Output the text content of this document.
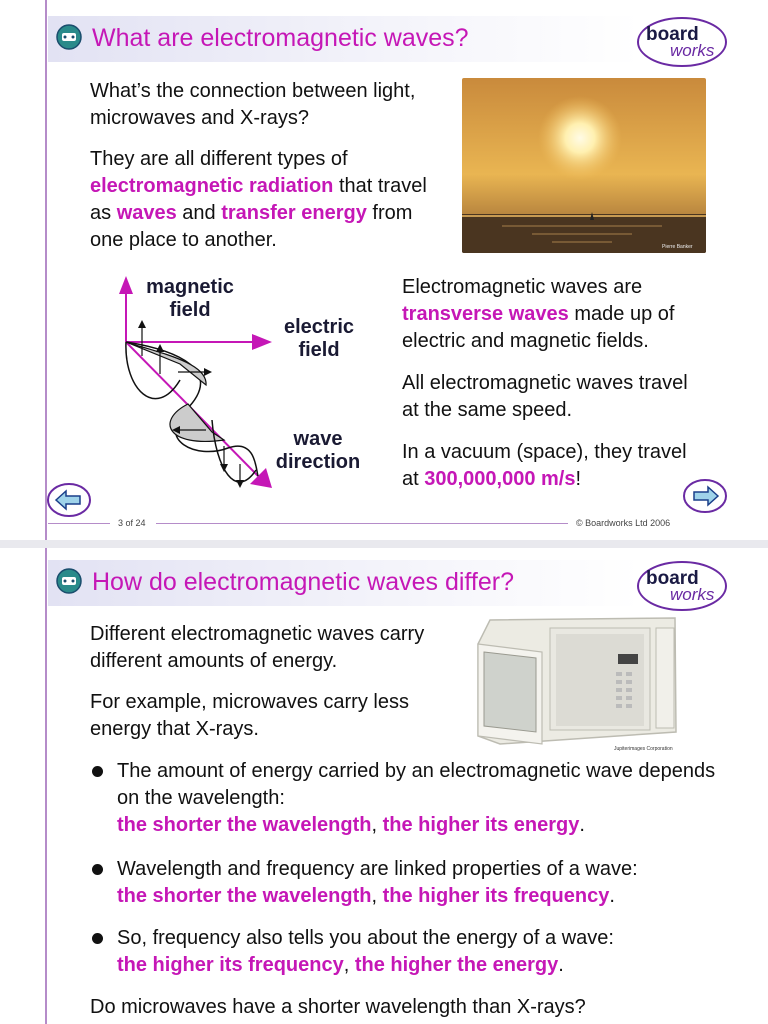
What are electromagnetic waves?	board
works
What’s the connection between light, microwaves and X-rays?
They are all different types of electromagnetic radiation that travel as waves and transfer energy from one place to another.	Pierre Banker
magnetic field
electric field
wave direction
Electromagnetic waves are transverse waves made up of electric and magnetic fields.
All electromagnetic waves travel at the same speed.
In a vacuum (space), they travel at 300,000,000 m/s!
3 of 24	© Boardworks Ltd 2006
How do electromagnetic waves differ?	board
works
Different electromagnetic waves carry different amounts of energy.
For example, microwaves carry less energy that X-rays.
Jupiterimages Corporation
The amount of energy carried by an electromagnetic wave depends on the wavelength:
the shorter the wavelength, the higher its energy.
Wavelength and frequency are linked properties of a wave:
the shorter the wavelength, the higher its frequency.
So, frequency also tells you about the energy of a wave:
the higher its frequency, the higher the energy.
Do microwaves have a shorter wavelength than X-rays?
